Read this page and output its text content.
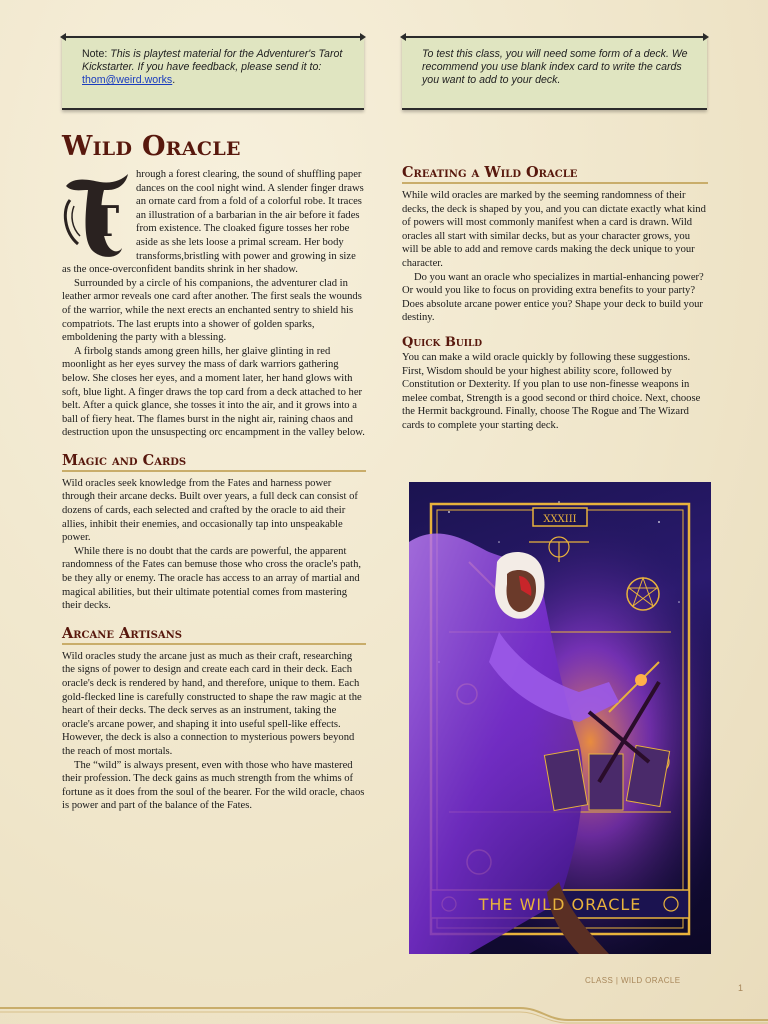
Note: This is playtest material for the Adventurer's Tarot Kickstarter. If you have feedback, please send it to: thom@weird.works.
To test this class, you will need some form of a deck. We recommend you use blank index card to write the cards you want to add to your deck.
Wild Oracle

T
hrough a forest clearing, the sound of shuffling paper dances on the cool night wind. A slender finger draws an ornate card from a fold of a colorful robe. It traces an illustration of a barbarian in the air before it fades from existence. The cloaked figure tosses her robe aside as she lets loose a primal scream. Her body transforms,bristling with power and growing in size as the once-overconfident bandits shrink in her shadow.

Surrounded by a circle of his companions, the adventurer clad in leather armor reveals one card after another. The first seals the wounds of the warrior, while the next erects an enchanted sentry to shield his compatriots. The last erupts into a shower of golden sparks, emboldening the party with a blessing.

A firbolg stands among green hills, her glaive glinting in red moonlight as her eyes survey the mass of dark warriors gathering below. She closes her eyes, and a moment later, her hand glows with soft, blue light. A finger draws the top card from a deck attached to her belt. After a quick glance, she tosses it into the air, and it grows into a ball of fiery heat. The flames burst in the night air, raining chaos and destruction upon the unsuspecting orc encampment in the valley below.

Magic and Cards

Wild oracles seek knowledge from the Fates and harness power through their arcane decks. Built over years, a full deck can consist of dozens of cards, each selected and crafted by the oracle to aid their allies, inhibit their enemies, and occasionally tap into unspeakable power.

While there is no doubt that the cards are powerful, the apparent randomness of the Fates can bemuse those who cross the oracle's path, be they ally or enemy. The oracle has access to an array of martial and magical abilities, but their ultimate potential comes from mastering their decks.

Arcane Artisans

Wild oracles study the arcane just as much as their craft, researching the signs of power to design and create each card in their deck. Each oracle's deck is rendered by hand, and therefore, unique to them. Each gold-flecked line is carefully constructed to shape the raw magic at the heart of their decks. The deck serves as an instrument, taking the oracle's arcane power, and shaping it into useful spell-like effects. However, the deck is also a connection to mysterious powers beyond the reach of most mortals.

The “wild” is always present, even with those who have mastered their profession. The deck gains as much strength from the whims of fortune as it does from the soul of the bearer. For the wild oracle, chaos is power and part of the balance of the Fates.

Creating a Wild Oracle

While wild oracles are marked by the seeming randomness of their decks, the deck is shaped by you, and you can dictate exactly what kind of powers will most commonly manifest when a card is drawn. Wild oracles all start with similar decks, but as your character grows, you will be able to add and remove cards making the deck unique to your character.

Do you want an oracle who specializes in martial-enhancing power? Or would you like to focus on providing extra benefits to your party? Does absolute arcane power entice you? Shape your deck to build your destiny.

Quick Build

You can make a wild oracle quickly by following these suggestions. First, Wisdom should be your highest ability score, followed by Constitution or Dexterity. If you plan to use non-finesse weapons in melee combat, Strength is a good second or third choice. Next, choose the Hermit background. Finally, choose The Rogue and The Wizard cards to complete your starting deck.

XXXIII
THE WILD ORACLE
CLASS | WILD ORACLE
1
